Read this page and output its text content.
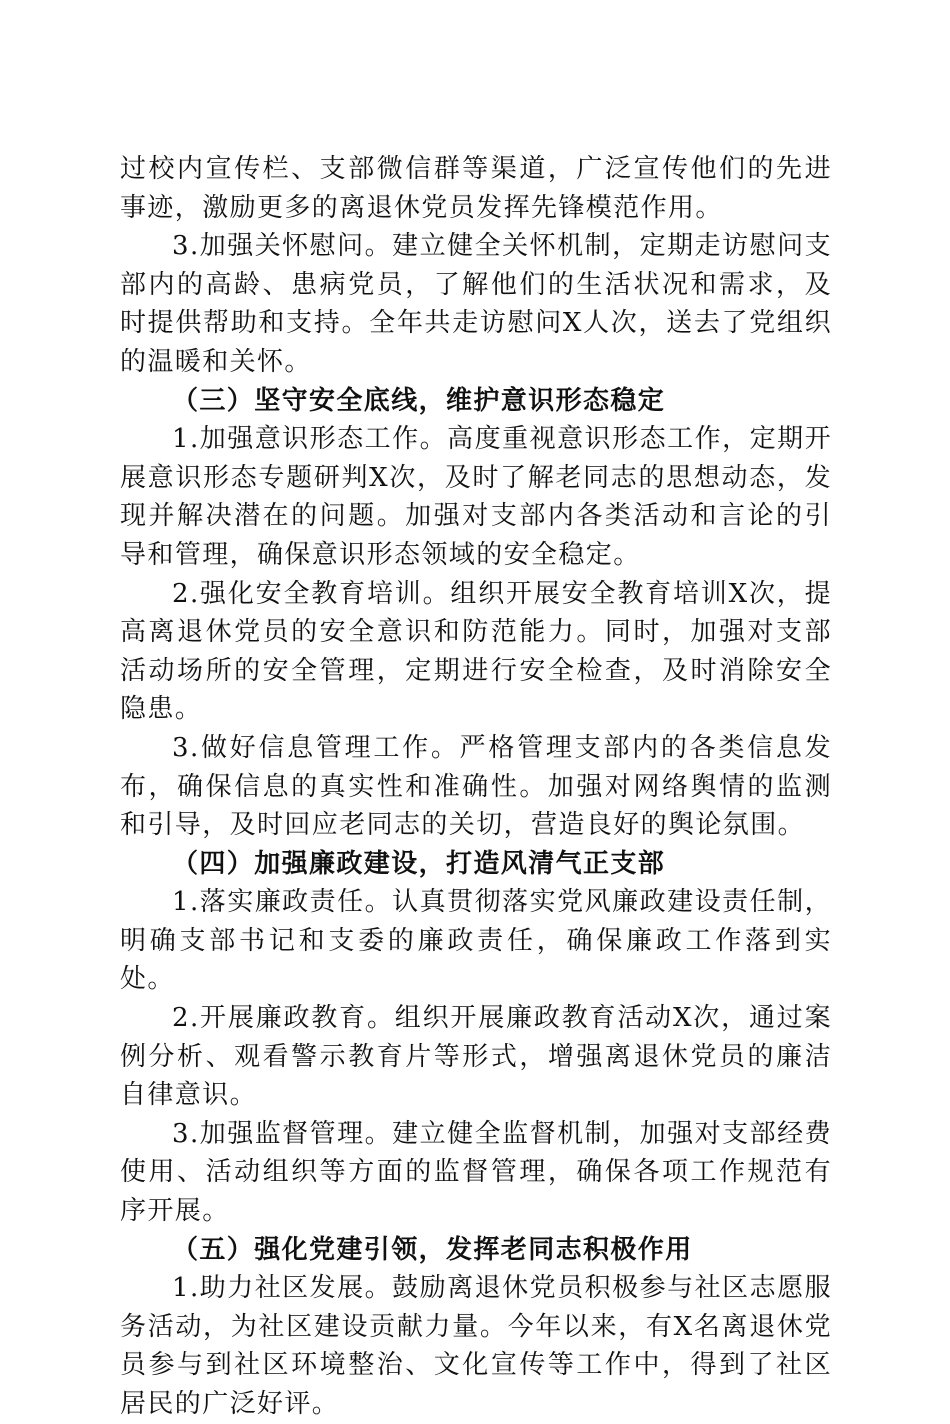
过校内宣传栏、支部微信群等渠道，广泛宣传他们的先进事迹，激励更多的离退休党员发挥先锋模范作用。

3.加强关怀慰问。建立健全关怀机制，定期走访慰问支部内的高龄、患病党员，了解他们的生活状况和需求，及时提供帮助和支持。全年共走访慰问X人次，送去了党组织的温暖和关怀。

（三）坚守安全底线，维护意识形态稳定

1.加强意识形态工作。高度重视意识形态工作，定期开展意识形态专题研判X次，及时了解老同志的思想动态，发现并解决潜在的问题。加强对支部内各类活动和言论的引导和管理，确保意识形态领域的安全稳定。

2.强化安全教育培训。组织开展安全教育培训X次，提高离退休党员的安全意识和防范能力。同时，加强对支部活动场所的安全管理，定期进行安全检查，及时消除安全隐患。

3.做好信息管理工作。严格管理支部内的各类信息发布，确保信息的真实性和准确性。加强对网络舆情的监测和引导，及时回应老同志的关切，营造良好的舆论氛围。

（四）加强廉政建设，打造风清气正支部

1.落实廉政责任。认真贯彻落实党风廉政建设责任制，明确支部书记和支委的廉政责任，确保廉政工作落到实处。

2.开展廉政教育。组织开展廉政教育活动X次，通过案例分析、观看警示教育片等形式，增强离退休党员的廉洁自律意识。

3.加强监督管理。建立健全监督机制，加强对支部经费使用、活动组织等方面的监督管理，确保各项工作规范有序开展。

（五）强化党建引领，发挥老同志积极作用

1.助力社区发展。鼓励离退休党员积极参与社区志愿服务活动，为社区建设贡献力量。今年以来，有X名离退休党员参与到社区环境整治、文化宣传等工作中，得到了社区居民的广泛好评。
